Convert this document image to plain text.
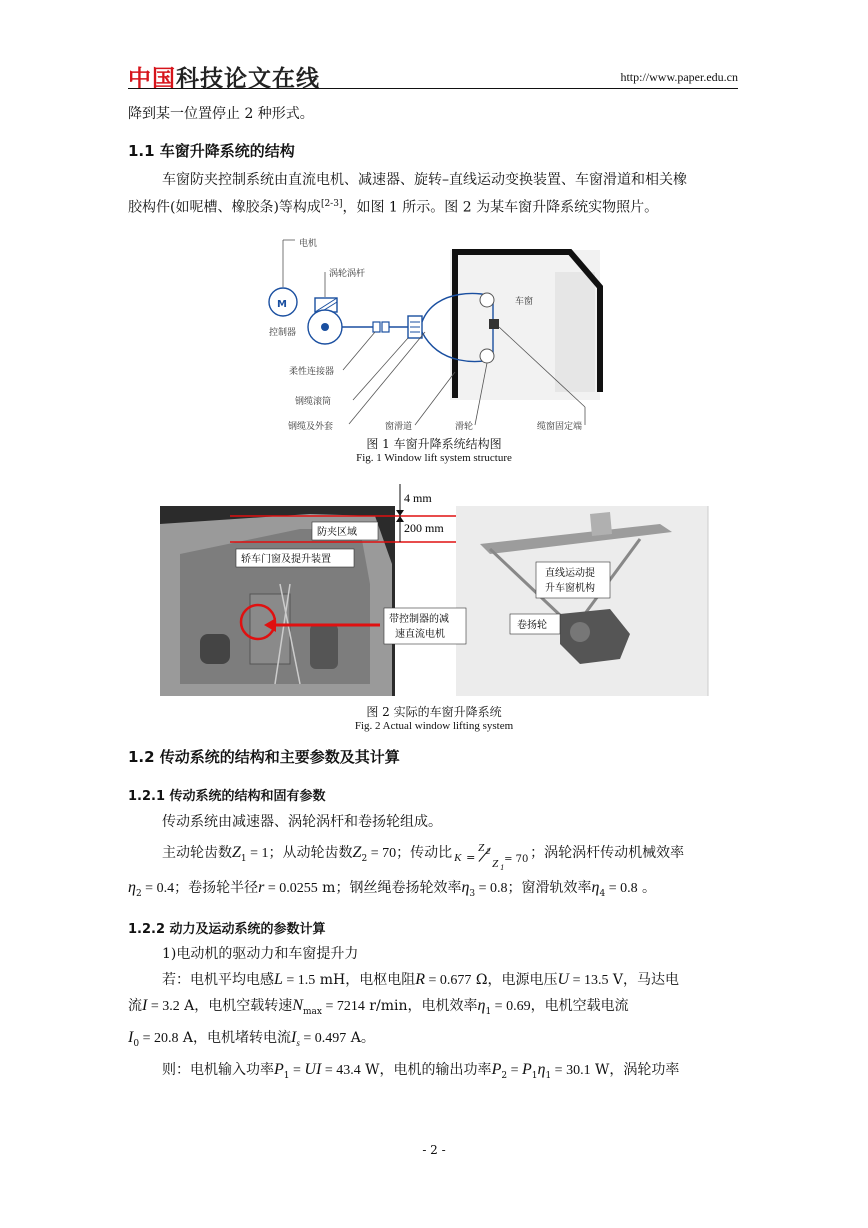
中国科技论文在线	http://www.paper.edu.cn
降到某一位置停止 2 种形式。
1.1 车窗升降系统的结构
车窗防夹控制系统由直流电机、减速器、旋转–直线运动变换装置、车窗滑道和相关橡
胶构件(如呢槽、橡胶条)等构成[2-3]，如图 1 所示。图 2 为某车窗升降系统实物照片。
M
电机
涡轮涡杆
控制器
柔性连接器
钢缆滚筒
钢缆及外套	窗滑道	滑轮
车窗
缆窗固定端
图 1 车窗升降系统结构图
Fig. 1 Window lift system structure
防夹区域
轿车门窗及提升装置
带控制器的减
速直流电机
直线运动提
升车窗机构
卷扬轮
4 mm
200 mm
图 2 实际的车窗升降系统
Fig. 2 Actual window lifting system
1.2 传动系统的结构和主要参数及其计算
1.2.1 传动系统的结构和固有参数
传动系统由减速器、涡轮涡杆和卷扬轮组成。
主动轮齿数$Z_1 = 1$；从动轮齿数$Z_2 = 70$；传动比 K =
Z 2
Z 1
= 70 ；涡轮涡杆传动机械效率
$\eta_2 = 0.4$；卷扬轮半径r = 0.0255 m；钢丝绳卷扬轮效率$\eta_3 = 0.8$；窗滑轨效率$\eta_4 = 0.8$ 。
1.2.2 动力及运动系统的参数计算
1)电动机的驱动力和车窗提升力
若：电机平均电感L = 1.5 mH，电枢电阻R = 0.677 Ω，电源电压U = 13.5 V，马达电
流I = 3.2 A，电机空载转速$N_{max} = 7214$ r/min，电机效率$\eta_1 = 0.69$，电机空载电流
$I_0 = 20.8$ A，电机堵转电流$I_s = 0.497$ A。
则：电机输入功率$P_1$ = UI = 43.4 W，电机的输出功率$P_2 = P_1\eta_1 = 30.1$ W，涡轮功率
- 2 -
